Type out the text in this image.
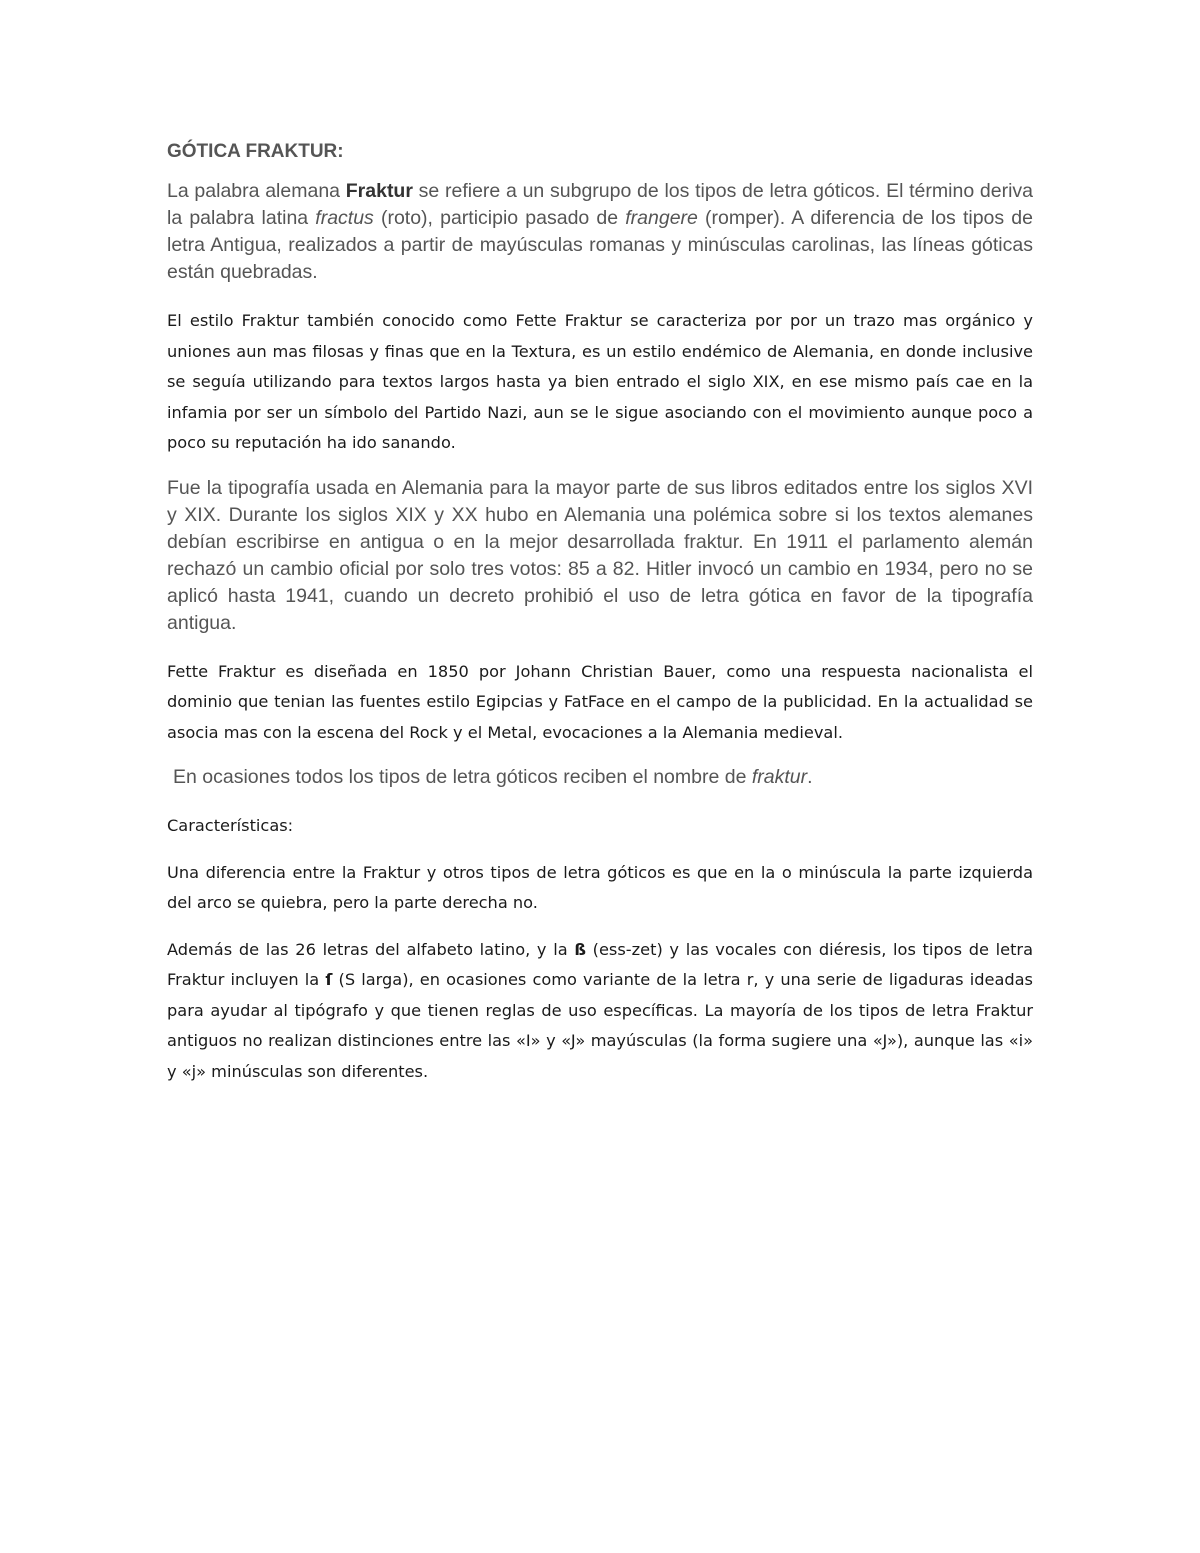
GÓTICA FRAKTUR:

La palabra alemana Fraktur se refiere a un subgrupo de los tipos de letra góticos. El término deriva la palabra latina fractus (roto), participio pasado de frangere (romper). A diferencia de los tipos de letra Antigua, realizados a partir de mayúsculas romanas y minúsculas carolinas, las líneas góticas están quebradas.

El estilo Fraktur también conocido como Fette Fraktur se caracteriza por por un trazo mas orgánico y uniones aun mas filosas y finas que en la Textura, es un estilo endémico de Alemania, en donde inclusive se seguía utilizando para textos largos hasta ya bien entrado el siglo XIX, en ese mismo país cae en la infamia por ser un símbolo del Partido Nazi, aun se le sigue asociando con el movimiento aunque poco a poco su reputación ha ido sanando.

Fue la tipografía usada en Alemania para la mayor parte de sus libros editados entre los siglos XVI y XIX. Durante los siglos XIX y XX hubo en Alemania una polémica sobre si los textos alemanes debían escribirse en antigua o en la mejor desarrollada fraktur. En 1911 el parlamento alemán rechazó un cambio oficial por solo tres votos: 85 a 82. Hitler invocó un cambio en 1934, pero no se aplicó hasta 1941, cuando un decreto prohibió el uso de letra gótica en favor de la tipografía antigua.

Fette Fraktur es diseñada en 1850 por Johann Christian Bauer, como una respuesta nacionalista el dominio que tenian las fuentes estilo Egipcias y FatFace en el campo de la publicidad. En la actualidad se asocia mas con la escena del Rock y el Metal, evocaciones a la Alemania medieval.

En ocasiones todos los tipos de letra góticos reciben el nombre de fraktur.

Características:

Una diferencia entre la Fraktur y otros tipos de letra góticos es que en la o minúscula la parte izquierda del arco se quiebra, pero la parte derecha no.

Además de las 26 letras del alfabeto latino, y la ß (ess-zet) y las vocales con diéresis, los tipos de letra Fraktur incluyen la ſ (S larga), en ocasiones como variante de la letra r, y una serie de ligaduras ideadas para ayudar al tipógrafo y que tienen reglas de uso específicas. La mayoría de los tipos de letra Fraktur antiguos no realizan distinciones entre las «I» y «J» mayúsculas (la forma sugiere una «J»), aunque las «i» y «j» minúsculas son diferentes.
